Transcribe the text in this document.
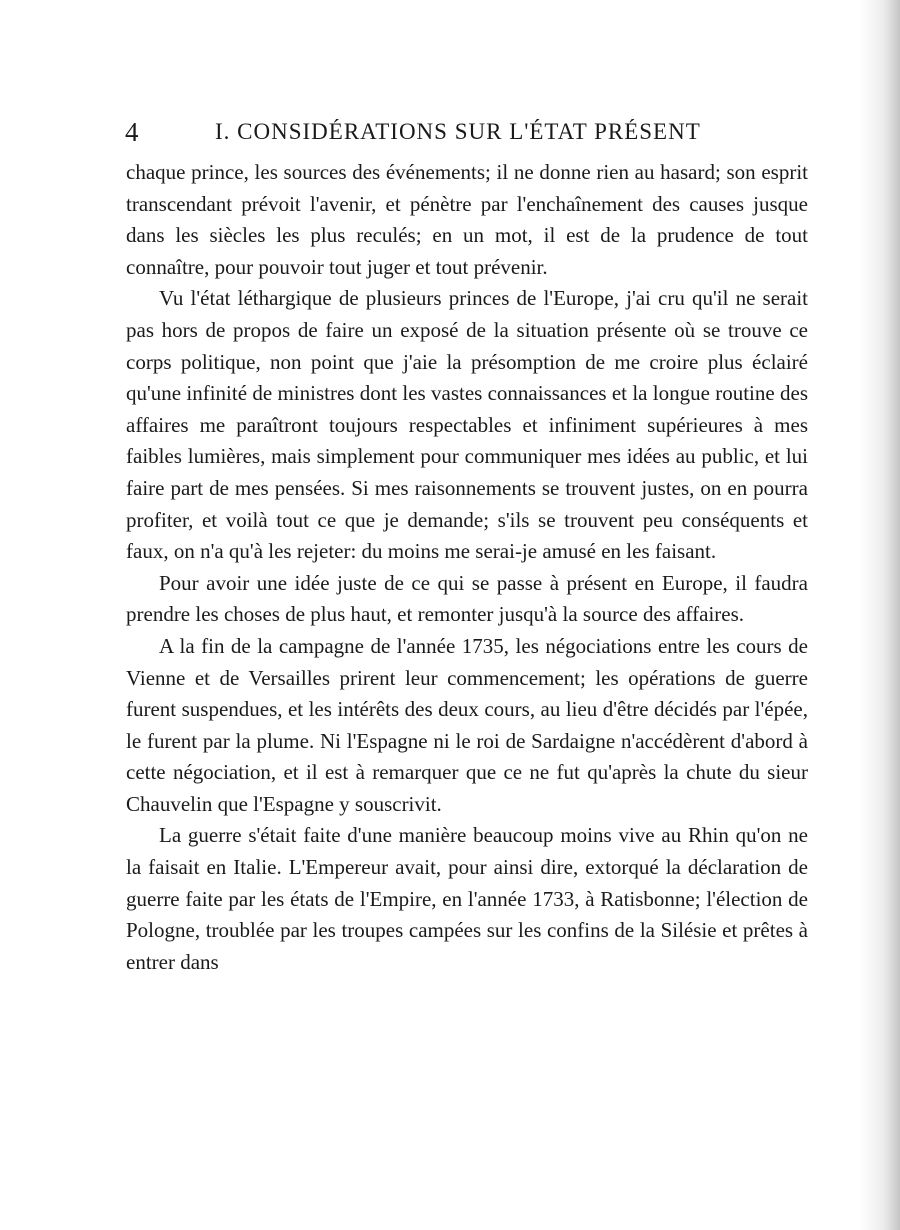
4	I. CONSIDÉRATIONS SUR L'ÉTAT PRÉSENT

chaque prince, les sources des événements; il ne donne rien au hasard; son esprit transcendant prévoit l'avenir, et pénètre par l'enchaînement des causes jusque dans les siècles les plus reculés; en un mot, il est de la prudence de tout connaître, pour pouvoir tout juger et tout prévenir.

Vu l'état léthargique de plusieurs princes de l'Europe, j'ai cru qu'il ne serait pas hors de propos de faire un exposé de la situation présente où se trouve ce corps politique, non point que j'aie la présomption de me croire plus éclairé qu'une infinité de ministres dont les vastes connaissances et la longue routine des affaires me paraîtront toujours respectables et infiniment supérieures à mes faibles lumières, mais simplement pour communiquer mes idées au public, et lui faire part de mes pensées. Si mes raisonnements se trouvent justes, on en pourra profiter, et voilà tout ce que je demande; s'ils se trouvent peu conséquents et faux, on n'a qu'à les rejeter: du moins me serai-je amusé en les faisant.

Pour avoir une idée juste de ce qui se passe à présent en Europe, il faudra prendre les choses de plus haut, et remonter jusqu'à la source des affaires.

A la fin de la campagne de l'année 1735, les négociations entre les cours de Vienne et de Versailles prirent leur commencement; les opérations de guerre furent suspendues, et les intérêts des deux cours, au lieu d'être décidés par l'épée, le furent par la plume. Ni l'Espagne ni le roi de Sardaigne n'accédèrent d'abord à cette négociation, et il est à remarquer que ce ne fut qu'après la chute du sieur Chauvelin que l'Espagne y souscrivit.

La guerre s'était faite d'une manière beaucoup moins vive au Rhin qu'on ne la faisait en Italie. L'Empereur avait, pour ainsi dire, extorqué la déclaration de guerre faite par les états de l'Empire, en l'année 1733, à Ratisbonne; l'élection de Pologne, troublée par les troupes campées sur les confins de la Silésie et prêtes à entrer dans
